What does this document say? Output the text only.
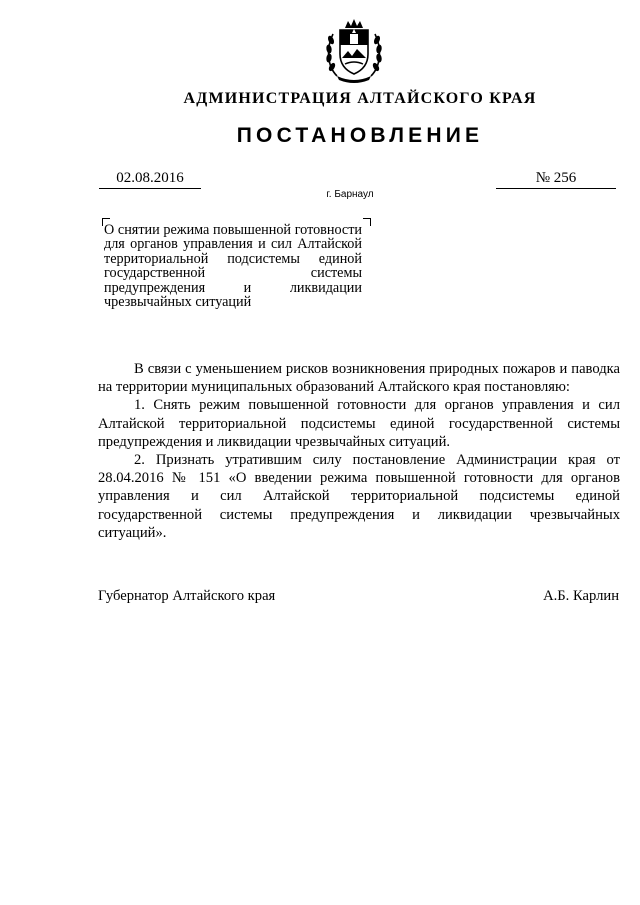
АДМИНИСТРАЦИЯ АЛТАЙСКОГО КРАЯ
ПОСТАНОВЛЕНИЕ
02.08.2016	№ 256
г. Барнаул
О снятии режима повышенной готовности для органов управления и сил Алтайской территориальной подсистемы единой государственной системы предупреждения и ликвидации чрезвычайных ситуаций

В связи с уменьшением рисков возникновения природных пожаров и паводка на территории муниципальных образований Алтайского края постановляю:

1. Снять режим повышенной готовности для органов управления и сил Алтайской территориальной подсистемы единой государственной системы предупреждения и ликвидации чрезвычайных ситуаций.

2. Признать утратившим силу постановление Администрации края от 28.04.2016 № 151 «О введении режима повышенной готовности для органов управления и сил Алтайской территориальной подсистемы единой государственной системы предупреждения и ликвидации чрезвычайных ситуаций».

Губернатор Алтайского края	А.Б. Карлин
